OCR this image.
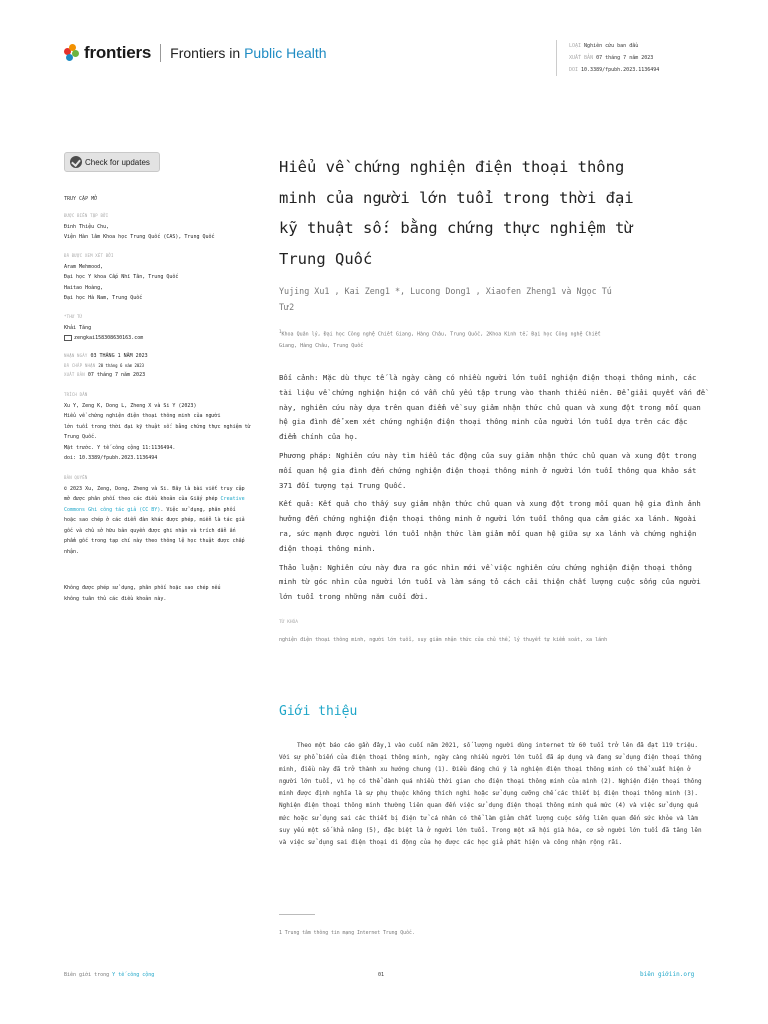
frontiers Frontiers in Public Health	LOẠI Nghiên cứu ban đầu
XUẤT BẢN 07 tháng 7 năm 2023
DOI 10.3389/fpubh.2023.1136494
Check for updates
TRUY CẬP MỞ
ĐƯỢC BIÊN TẬP BỞI
Đinh Thiệu Chu,
Viện Hàn lâm Khoa học Trung Quốc (CAS), Trung Quốc
ĐÃ ĐƯỢC XEM XÉT BỞI
Aram Mehmood,
Đại học Y khoa Cấp Nhĩ Tân, Trung Quốc
Haitao Hoàng,
Đại học Hà Nam, Trung Quốc
*THƯ TỪ
Khải Tăng
zengkai158308630163.com
NHẬN NGÀY 03 THÁNG 1 NĂM 2023
ĐÃ CHẤP NHẬN 20 tháng 6 năm 2023
XUẤT BẢN 07 tháng 7 năm 2023
TRÍCH DẪN
Xu Y, Zeng K, Dong L, Zheng X và Si Y (2023)
Hiểu về chứng nghiện điện thoại thông minh của người
lớn tuổi trong thời đại kỹ thuật số: bằng chứng thực nghiệm từ
Trung Quốc.
Mặt trước. Y tế công cộng 11:1136494.
doi: 10.3389/fpubh.2023.1136494
BẢN QUYỀN
© 2023 Xu, Zeng, Dong, Zheng và Si. Đây là bài viết truy cập mở được phân phối theo các điều khoản của Giấy phép Creative Commons Ghi công tác giả (CC BY). Việc sử dụng, phân phối hoặc sao chép ở các diễn đàn khác được phép, miễn là tác giả gốc và chủ sở hữu bản quyền được ghi nhận và trích dẫn ấn phẩm gốc trong tạp chí này theo thông lệ học thuật được chấp nhận.
Không được phép sử dụng, phân phối hoặc sao chép nếu không tuân thủ các điều khoản này.
Hiểu về chứng nghiện điện thoại thông minh của người lớn tuổi trong thời đại kỹ thuật số: bằng chứng thực nghiệm từ Trung Quốc
Yujing Xu1 , Kai Zeng1 *, Lucong Dong1 , Xiaofen Zheng1 và Ngọc Tú Tư2
$^1$Khoa Quản lý, Đại học Công nghệ Chiết Giang, Hàng Châu, Trung Quốc, 2Khoa Kinh tế, Đại học Công nghệ Chiết Giang, Hàng Châu, Trung Quốc

Bối cảnh: Mặc dù thực tế là ngày càng có nhiều người lớn tuổi nghiện điện thoại thông minh, các tài liệu về chứng nghiện hiện có vẫn chủ yếu tập trung vào thanh thiếu niên. Để giải quyết vấn đề này, nghiên cứu này dựa trên quan điểm về suy giảm nhận thức chủ quan và xung đột trong mối quan hệ gia đình để xem xét chứng nghiện điện thoại thông minh của người lớn tuổi dựa trên các đặc điểm chính của họ.

Phương pháp: Nghiên cứu này tìm hiểu tác động của suy giảm nhận thức chủ quan và xung đột trong mối quan hệ gia đình đến chứng nghiện điện thoại thông minh ở người lớn tuổi thông qua khảo sát 371 đối tượng tại Trung Quốc.

Kết quả: Kết quả cho thấy suy giảm nhận thức chủ quan và xung đột trong mối quan hệ gia đình ảnh hưởng đến chứng nghiện điện thoại thông minh ở người lớn tuổi thông qua cảm giác xa lánh. Ngoài ra, sức mạnh được người lớn tuổi nhận thức làm giảm mối quan hệ giữa sự xa lánh và chứng nghiện điện thoại thông minh.

Thảo luận: Nghiên cứu này đưa ra góc nhìn mới về việc nghiên cứu chứng nghiện điện thoại thông minh từ góc nhìn của người lớn tuổi và làm sáng tỏ cách cải thiện chất lượng cuộc sống của người lớn tuổi trong những năm cuối đời.

TỪ KHÓA
nghiện điện thoại thông minh, người lớn tuổi, suy giảm nhận thức của chủ thể, lý thuyết tự kiểm soát, xa lánh
Giới thiệu
Theo một báo cáo gần đây,1 vào cuối năm 2021, số lượng người dùng internet từ 60 tuổi trở lên đã đạt 119 triệu. Với sự phổ biến của điện thoại thông minh, ngày càng nhiều người lớn tuổi đã áp dụng và đang sử dụng điện thoại thông minh, điều này đã trở thành xu hướng chung (1). Điều đáng chú ý là nghiện điện thoại thông minh có thể xuất hiện ở người lớn tuổi, vì họ có thể dành quá nhiều thời gian cho điện thoại thông minh của mình (2). Nghiện điện thoại thông minh được định nghĩa là sự phụ thuộc không thích nghi hoặc sử dụng cưỡng chế các thiết bị điện thoại thông minh (3). Nghiện điện thoại thông minh thường liên quan đến việc sử dụng điện thoại thông minh quá mức (4) và việc sử dụng quá mức hoặc sử dụng sai các thiết bị điện tử cá nhân có thể làm giảm chất lượng cuộc sống liên quan đến sức khỏe và làm suy yếu một số khả năng (5), đặc biệt là ở người lớn tuổi. Trong một xã hội già hóa, cơ sở người lớn tuổi đã tăng lên và việc sử dụng sai điện thoại di động của họ được các học giả phát hiện và công nhận rộng rãi.
1 Trung tâm thông tin mạng Internet Trung Quốc.
Biên giới trong Y tế công cộng	01	biên giớiin.org
